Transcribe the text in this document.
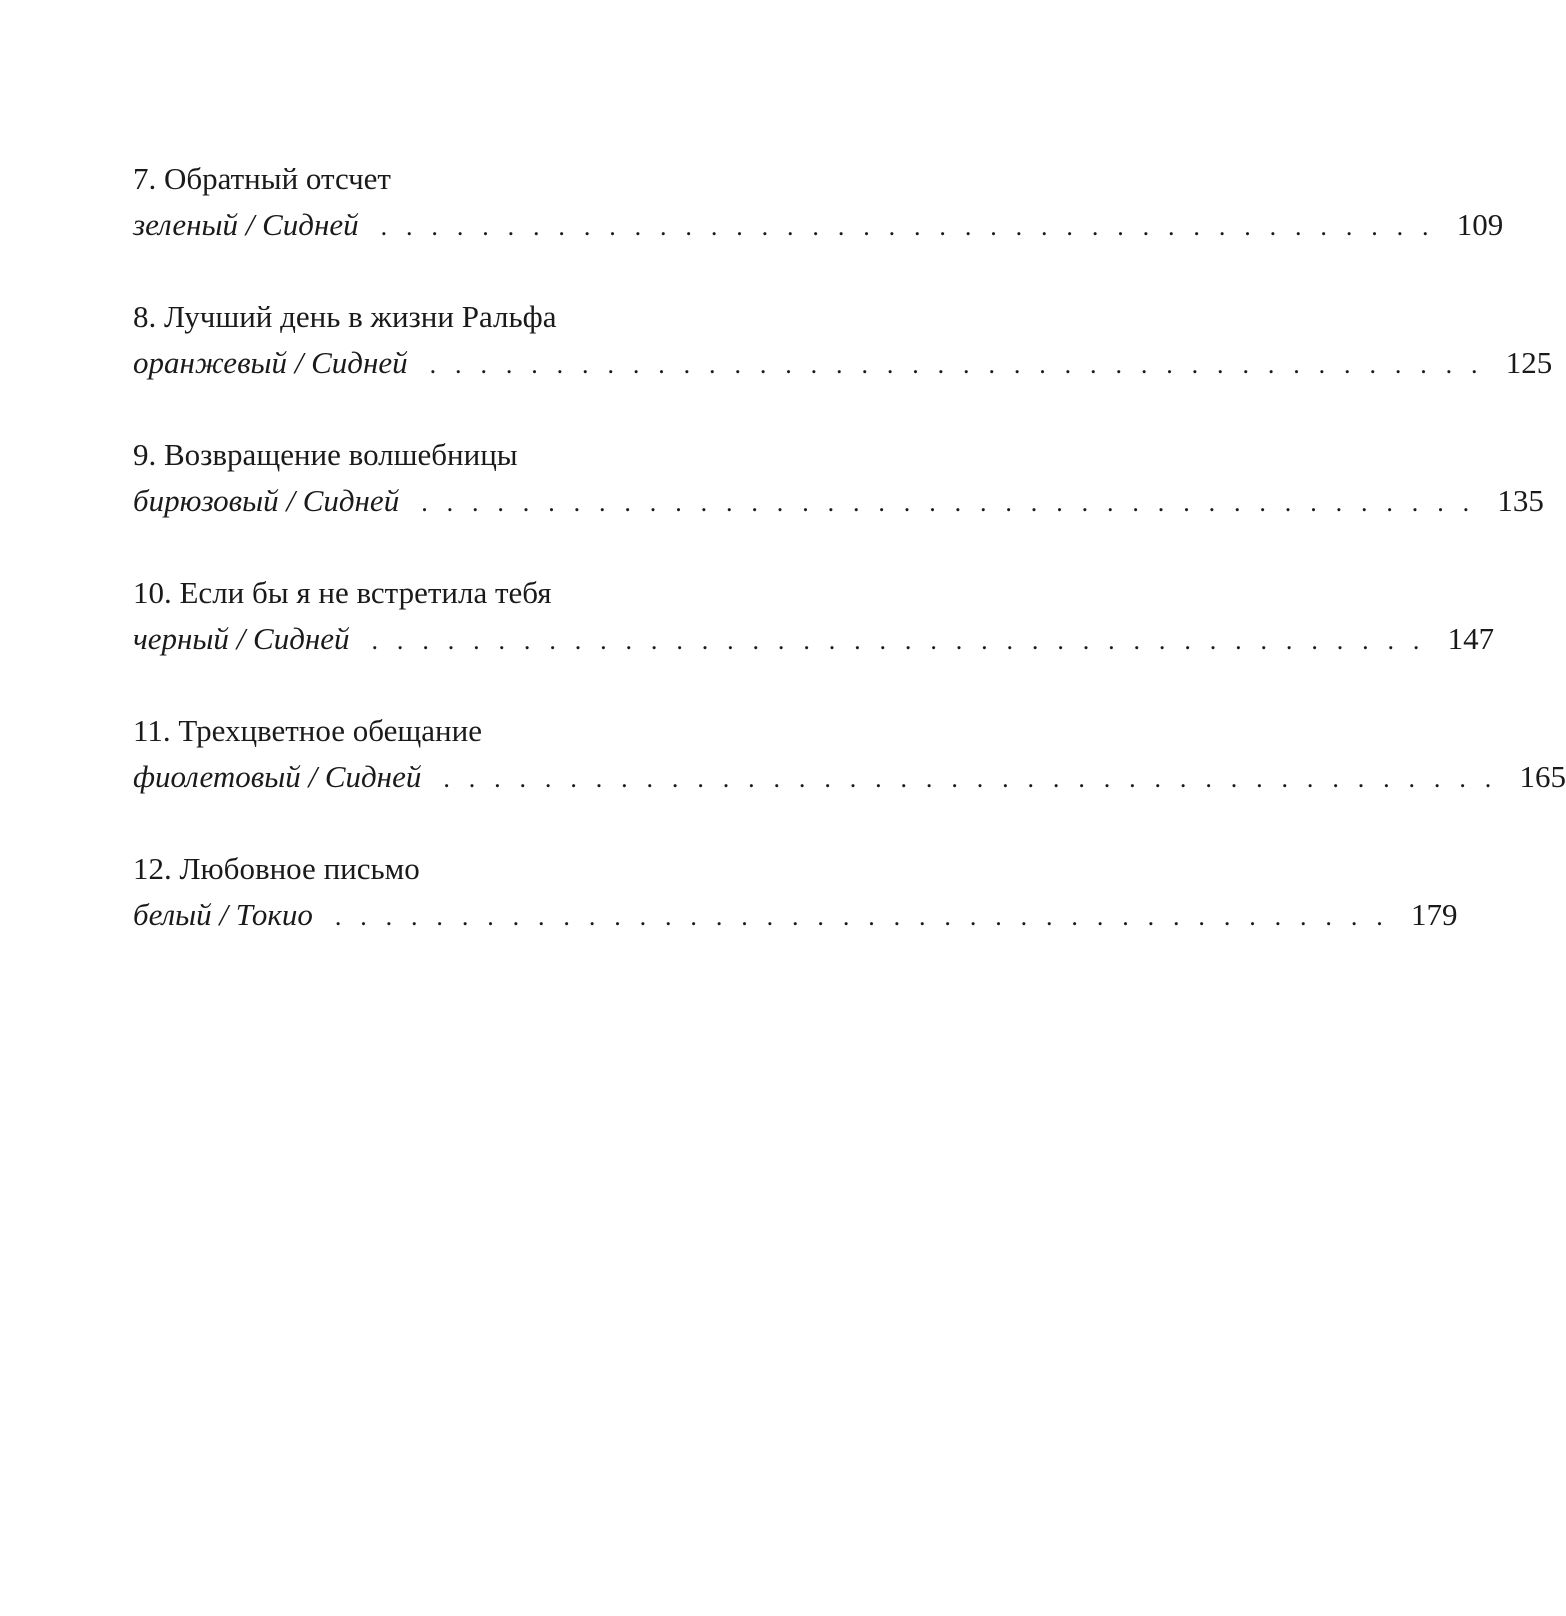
7. Обратный отсчет
зеленый / Сидней . . . . . . . . . . . . . . . . . . . . . . . . . . . . . . . . . . . . . . . . . . 109
8. Лучший день в жизни Ральфа
оранжевый / Сидней . . . . . . . . . . . . . . . . . . . . . . . . . . . . . . . . . . . . . . . . . . 125
9. Возвращение волшебницы
бирюзовый / Сидней . . . . . . . . . . . . . . . . . . . . . . . . . . . . . . . . . . . . . . . . . . 135
10. Если бы я не встретила тебя
черный / Сидней . . . . . . . . . . . . . . . . . . . . . . . . . . . . . . . . . . . . . . . . . . 147
11. Трехцветное обещание
фиолетовый / Сидней . . . . . . . . . . . . . . . . . . . . . . . . . . . . . . . . . . . . . . . . . . 165
12. Любовное письмо
белый / Токио . . . . . . . . . . . . . . . . . . . . . . . . . . . . . . . . . . . . . . . . . . 179
